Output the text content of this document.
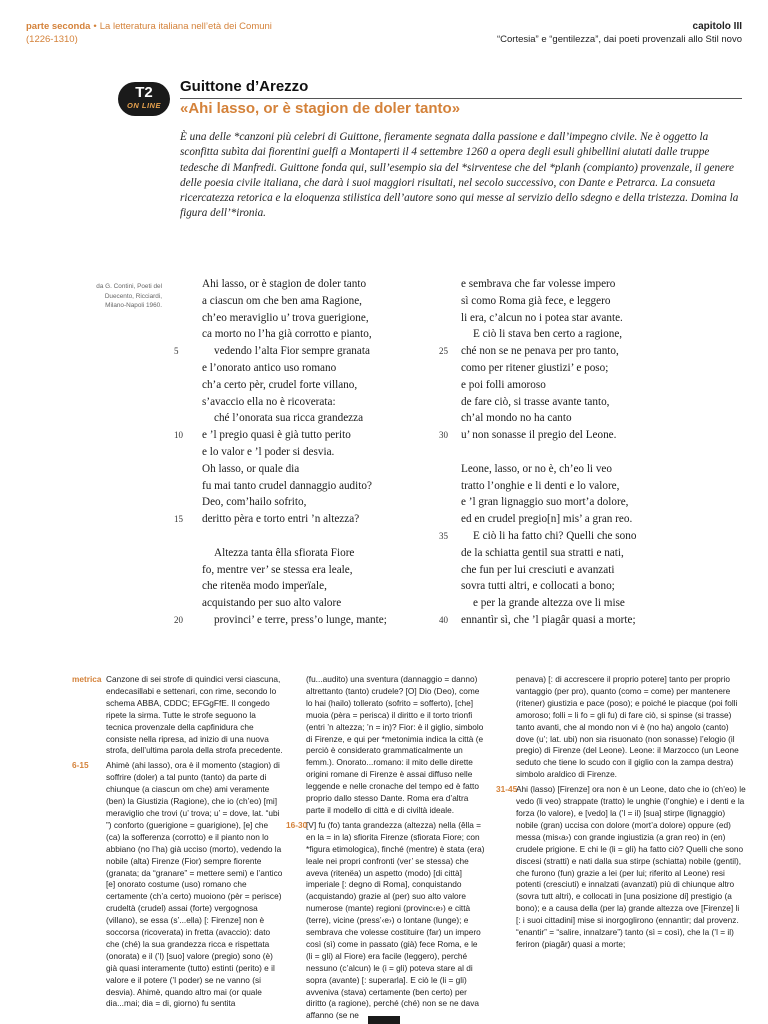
parte seconda • La letteratura italiana nell’età dei Comuni
(1226-1310)
capitolo III
“Cortesia” e “gentilezza”, dai poeti provenzali allo Stil novo
T2
ON LINE
Guittone d’Arezzo
«Ahi lasso, or è stagion de doler tanto»

È una delle *canzoni più celebri di Guittone, fieramente segnata dalla passione e dall’impegno civile. Ne è oggetto la sconfitta subìta dai fiorentini guelfi a Montaperti il 4 settembre 1260 a opera degli esuli ghibellini aiutati dalle truppe tedesche di Manfredi. Guittone fonda qui, sull’esempio sia del *sirventese che del *planh (compianto) provenzale, il genere delle poesia civile italiana, che darà i suoi maggiori risultati, nel secolo successivo, con Dante e Petrarca. La consueta ricercatezza retorica e la eloquenza stilistica dell’autore sono qui messe al servizio dello sdegno e della tristezza. Domina la figura dell’*ironia.

da G. Contini, Poeti del
Duecento, Ricciardi,
Milano-Napoli 1960.
Ahi lasso, or è stagion de doler tanto
a ciascun om che ben ama Ragione,
ch’eo meraviglio u’ trova guerigione,
ca morto no l’ha già corrotto e pianto,
vedendo l’alta Fior sempre granata
5
e l’onorato antico uso romano
ch’a certo pèr, crudel forte villano,
s’avaccio ella no è ricoverata:
ché l’onorata sua ricca grandezza
e ’l pregio quasi è già tutto perito
10
e lo valor e ’l poder si desvia.
Oh lasso, or quale dia
fu mai tanto crudel dannaggio audito?
Deo, com’hailo sofrito,
deritto pèra e torto entri ’n altezza?
15
Altezza tanta êlla sfiorata Fiore
fo, mentre ver’ se stessa era leale,
che ritenëa modo imperïale,
acquistando per suo alto valore
provinci’ e terre, press’o lunge, mante;
20
e sembrava che far volesse impero
sì como Roma già fece, e leggero
li era, c’alcun no i potea star avante.
E ciò li stava ben certo a ragione,
ché non se ne penava per pro tanto,
25
como per ritener giustizi’ e poso;
e poi folli amoroso
de fare ciò, si trasse avante tanto,
ch’al mondo no ha canto
u’ non sonasse il pregio del Leone.
30
Leone, lasso, or no è, ch’eo li veo
tratto l’onghie e li denti e lo valore,
e ’l gran lignaggio suo mort’a dolore,
ed en crudel pregio[n] mis’ a gran reo.
E ciò li ha fatto chi? Quelli che sono
35
de la schiatta gentil sua stratti e nati,
che fun per lui cresciuti e avanzati
sovra tutti altri, e collocati a bono;
e per la grande altezza ove li mise
ennantìr sì, che ’l piagâr quasi a morte;
40
metrica Canzone di sei strofe di quindici versi ciascuna, endecasillabi e settenari, con rime, secondo lo schema ABBA, CDDC; EFGgFfE. Il congedo ripete la sirma. Tutte le strofe seguono la tecnica provenzale della capfinidura che consiste nella ripresa, ad inizio di una nuova strofa, dell’ultima parola della strofa precedente.
6-15 Ahimè (ahi lasso), ora è il momento (stagion) di soffrire (doler) a tal punto (tanto) da parte di chiunque (a ciascun om che) ami veramente (ben) la Giustizia (Ragione), che io (ch’eo) [mi] meraviglio che trovi (u’ trova; u’ = dove, lat. “ubi ”) conforto (guerigione = guarigione), [e] che (ca) la sofferenza (corrotto) e il pianto non lo abbiano (no l’ha) già ucciso (morto), vedendo la nobile (alta) Firenze (Fior) sempre fiorente (granata; da “granare” = mettere semi) e l’antico [e] onorato costume (uso) romano che certamente (ch’a certo) muoiono (pèr = perisce) crudeltà (crudel) assai (forte) vergognosa (villano), se essa (s’...ella) [: Firenze] non è soccorsa (ricoverata) in fretta (avaccio): dato che (ché) la sua grandezza ricca e rispettata (onorata) e il (’l) [suo] valore (pregio) sono (è) già quasi interamente (tutto) estinti (perito) e il valore e il potere (’l poder) se ne vanno (si desvia). Ahimè, quando altro mai (or quale dia...mai; dia = di, giorno) fu sentita
(fu...audito) una sventura (dannaggio = danno) altrettanto (tanto) crudele? [O] Dio (Deo), come lo hai (hailo) tollerato (sofrito = sofferto), [che] muoia (pèra = perisca) il diritto e il torto trionfi (entri ’n altezza; ’n = in)? Fior: è il giglio, simbolo di Firenze, e qui per *metonimia indica la città (e perciò è considerato grammaticalmente un femm.). Onorato...romano: il mito delle dirette origini romane di Firenze è assai diffuso nelle leggende e nelle cronache del tempo ed è fatto proprio dallo stesso Dante. Roma era d’altra parte il modello di città e di civiltà ideale.
16-30
[V] fu (fo) tanta grandezza (altezza) nella (êlla = en la = in la) sfiorita Firenze (sfiorata Fiore; con *figura etimologica), finché (mentre) è stata (era) leale nei propri confronti (ver’ se stessa) che aveva (ritenëa) un aspetto (modo) [di città] imperiale [: degno di Roma], conquistando (acquistando) grazie al (per) suo alto valore numerose (mante) regioni (provinc‹e›) e città (terre), vicine (press’‹e›) o lontane (lunge); e sembrava che volesse costituire (far) un impero così (sì) come in passato (già) fece Roma, e le (li = gli) al Fiore) era facile (leggero), perché nessuno (c’alcun) le (i = gli) poteva stare al di sopra (avante) [: superarla]. E ciò le (li = gli) avveniva (stava) certamente (ben certo) per diritto (a ragione), perché (ché) non se ne dava affanno (se ne
penava) [: di accrescere il proprio potere] tanto per proprio vantaggio (per pro), quanto (como = come) per mantenere (ritener) giustizia e pace (poso); e poiché le piacque (poi folli amoroso; folli = li fo = gli fu) di fare ciò, si spinse (si trasse) tanto avanti, che al mondo non vi è (no ha) angolo (canto) dove (u’; lat. ubi) non sia risuonato (non sonasse) l’elogio (il pregio) di Firenze (del Leone). Leone: il Marzocco (un Leone seduto che tiene lo scudo con il giglio con la zampa destra) simbolo araldico di Firenze.
31-45
Ahi (lasso) [Firenze] ora non è un Leone, dato che io (ch’eo) le vedo (li veo) strappate (tratto) le unghie (l’onghie) e i denti e la forza (lo valore), e [vedo] la (’l = il) [sua] stirpe (lignaggio) nobile (gran) uccisa con dolore (mort’a dolore) oppure (ed) messa (mis‹a›) con grande ingiustizia (a gran reo) in (en) crudele prigione. E chi le (li = gli) ha fatto ciò? Quelli che sono discesi (stratti) e nati dalla sua stirpe (schiatta) nobile (gentil), che furono (fun) grazie a lei (per lui; riferito al Leone) resi potenti (cresciuti) e innalzati (avanzati) più di chiunque altro (sovra tutt altri), e collocati in [una posizione di] prestigio (a bono); e a causa della (per la) grande altezza ove [Firenze] li [: i suoi cittadini] mise si inorgoglirono (ennantìr; dal provenz. “enantir” = “salire, innalzare”) tanto (sì = così), che la (’l = il) feriron (piagâr) quasi a morte;
